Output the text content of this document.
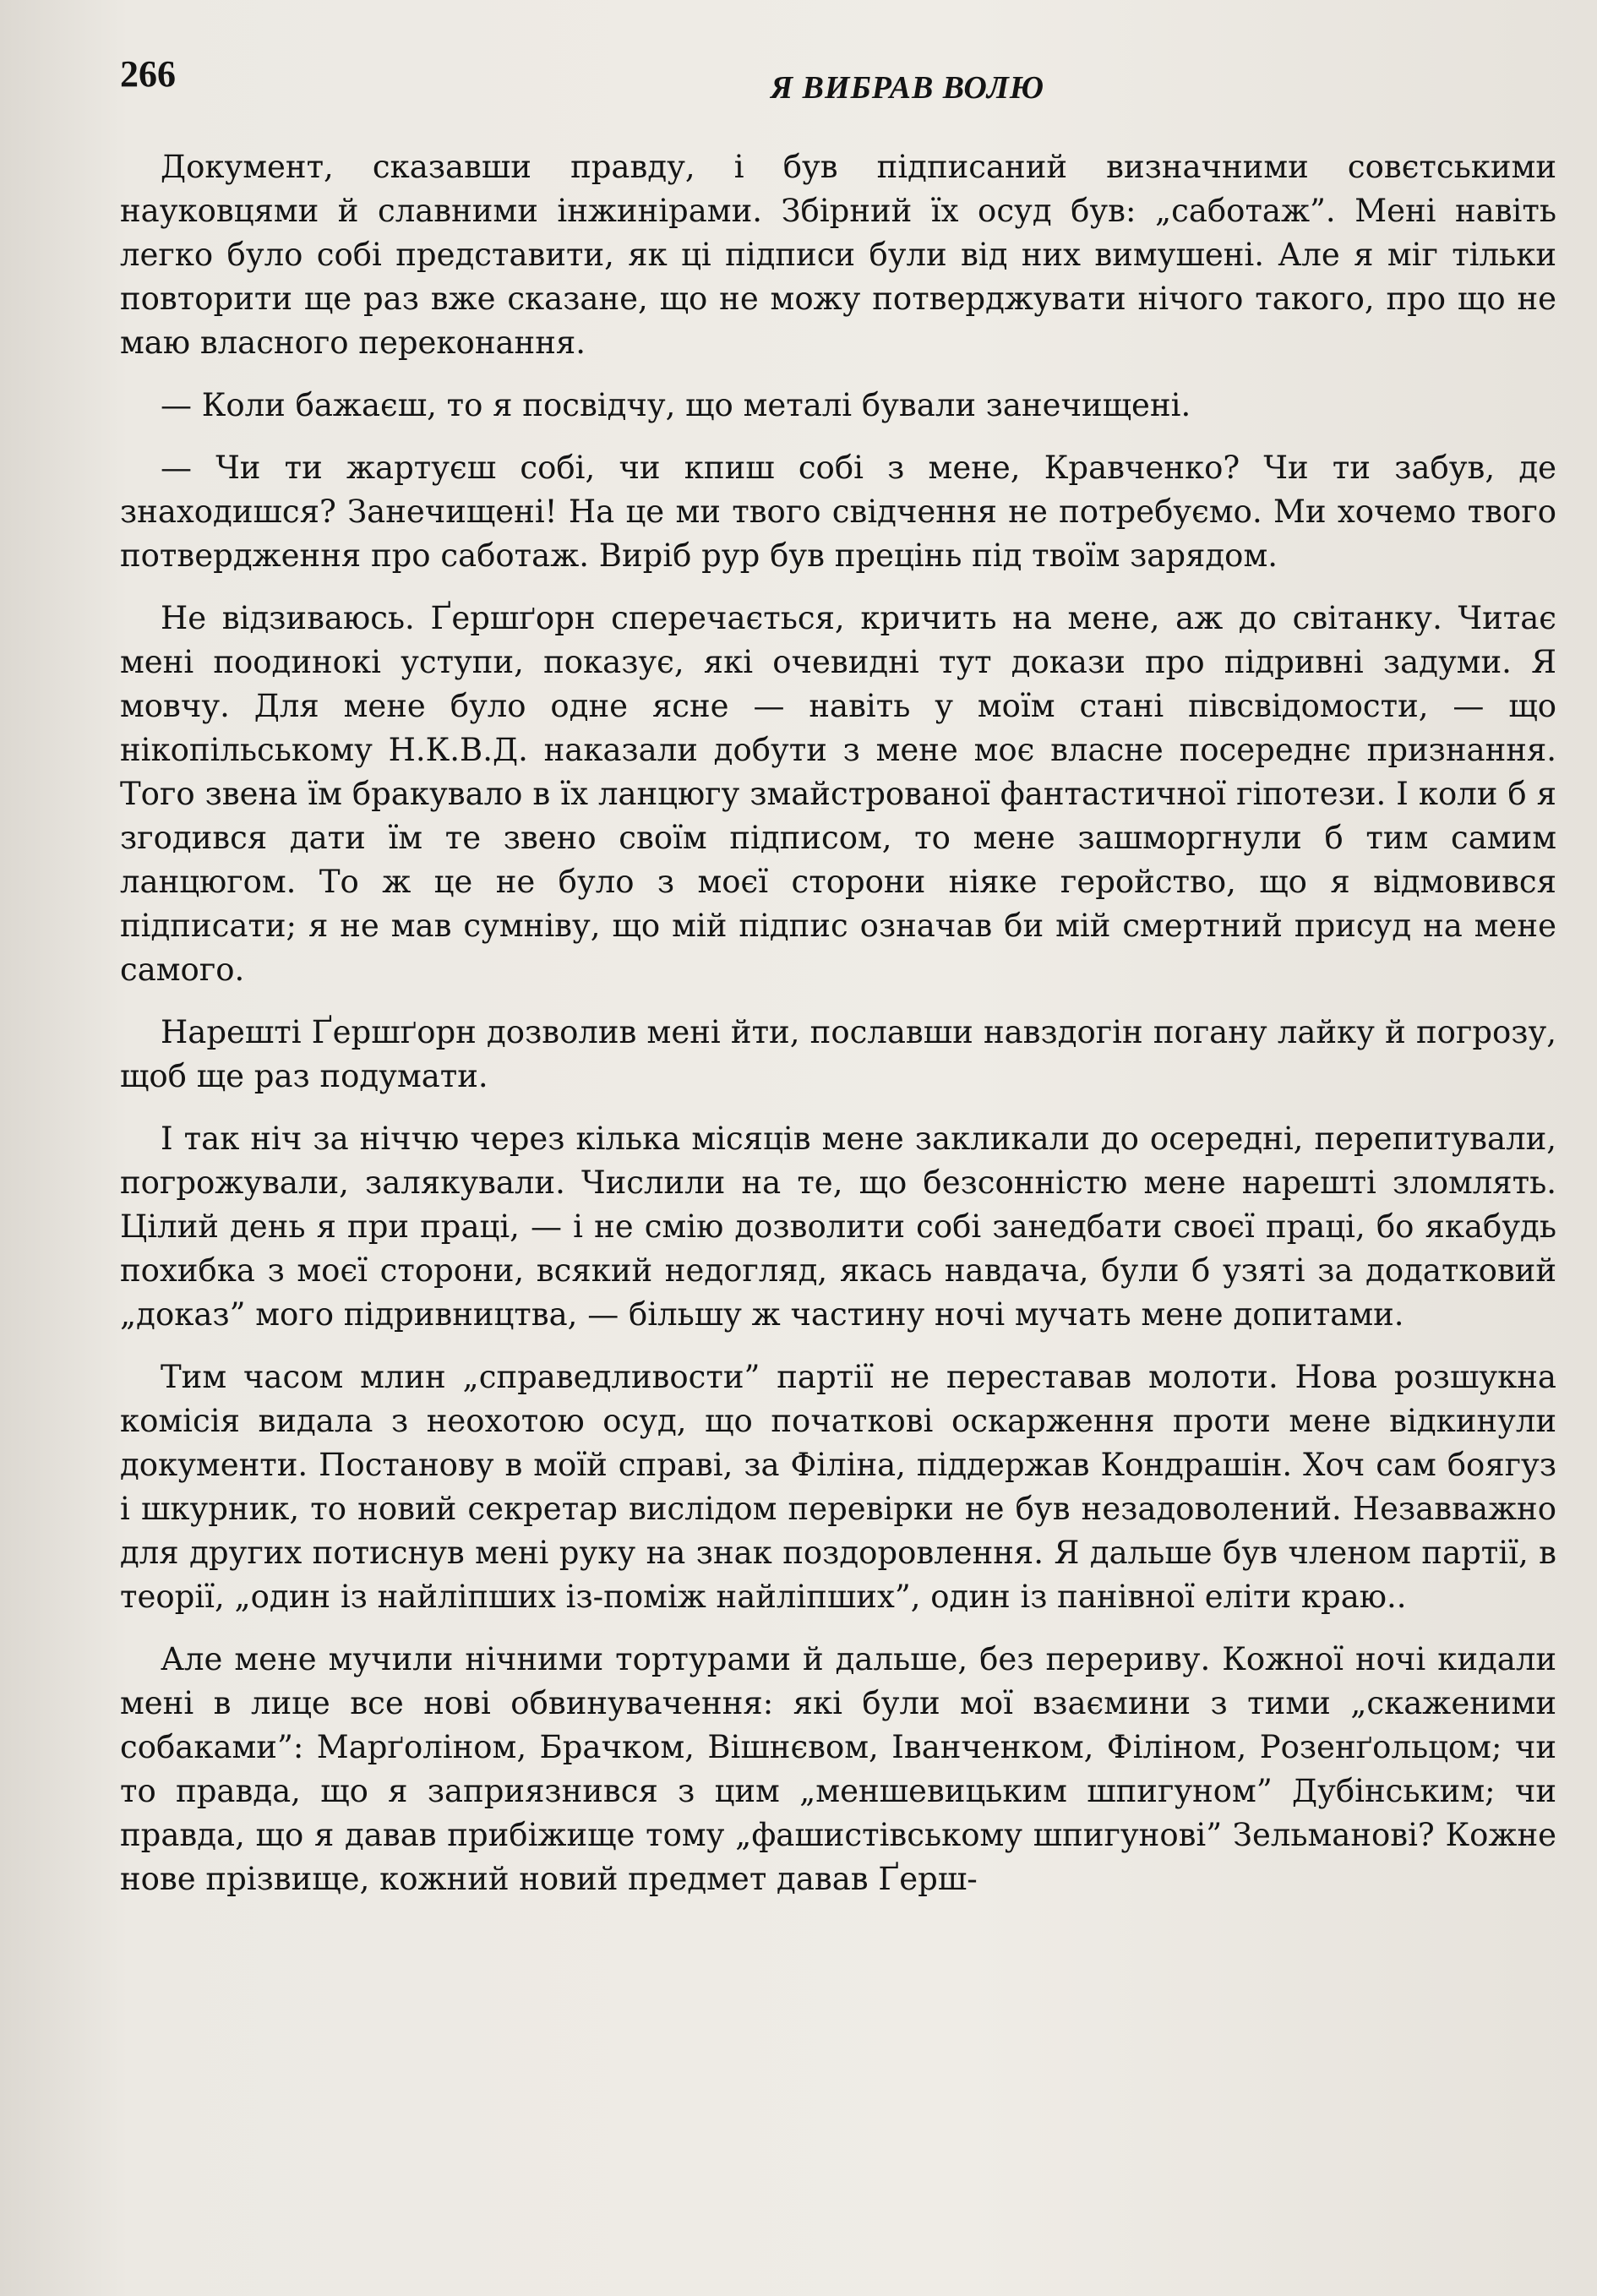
266	Я ВИБРАВ ВОЛЮ

Документ, сказавши правду, і був підписаний визначними совєтськими науковцями й славними інжинірами. Збірний їх осуд був: „саботаж”. Мені навіть легко було собі представити, як ці підписи були від них вимушені. Але я міг тільки повторити ще раз вже сказане, що не можу потверджувати нічого такого, про що не маю власного переконання.

— Коли бажаєш, то я посвідчу, що металі бували занечищені.

— Чи ти жартуєш собі, чи кпиш собі з мене, Кравченко? Чи ти забув, де знаходишся? Занечищені! На це ми твого свідчення не потребуємо. Ми хочемо твого потвердження про саботаж. Виріб рур був прецінь під твоїм зарядом.

Не відзиваюсь. Ґершґорн сперечається, кричить на мене, аж до світанку. Читає мені поодинокі уступи, показує, які очевидні тут докази про підривні задуми. Я мовчу. Для мене було одне ясне — навіть у моїм стані півсвідомости, — що нікопільському Н.К.В.Д. наказали добути з мене моє власне посереднє признання. Того звена їм бракувало в їх ланцюгу змайстрованої фантастичної гіпотези. І коли б я згодився дати їм те звено своїм підписом, то мене зашморгнули б тим самим ланцюгом. То ж це не було з моєї сторони ніяке геройство, що я відмовився підписати; я не мав сумніву, що мій підпис означав би мій смертний присуд на мене самого.

Нарешті Ґершґорн дозволив мені йти, пославши навздогін погану лайку й погрозу, щоб ще раз подумати.

І так ніч за ніччю через кілька місяців мене закликали до осередні, перепитували, погрожували, залякували. Числили на те, що безсонністю мене нарешті зломлять. Цілий день я при праці, — і не смію дозволити собі занедбати своєї праці, бо якабудь похибка з моєї сторони, всякий недогляд, якась навдача, були б узяті за додатковий „доказ” мого підривництва, — більшу ж частину ночі мучать мене допитами.

Тим часом млин „справедливости” партії не переставав молоти. Нова розшукна комісія видала з неохотою осуд, що початкові оскарження проти мене відкинули документи. Постанову в моїй справі, за Філіна, піддержав Кондрашін. Хоч сам боягуз і шкурник, то новий секретар вислідом перевірки не був незадоволений. Незавважно для других потиснув мені руку на знак поздоровлення. Я дальше був членом партії, в теорії, „один із найліпших із-поміж найліпших”, один із панівної еліти краю..

Але мене мучили нічними тортурами й дальше, без перериву. Кожної ночі кидали мені в лице все нові обвинувачення: які були мої взаємини з тими „скаженими собаками”: Марґоліном, Брачком, Вішнєвом, Іванченком, Філіном, Розенґольцом; чи то правда, що я заприязнився з цим „меншевицьким шпигуном” Дубінським; чи правда, що я давав прибіжище тому „фашистівському шпигунові” Зельманові? Кожне нове прізвище, кожний новий предмет давав Ґерш-
